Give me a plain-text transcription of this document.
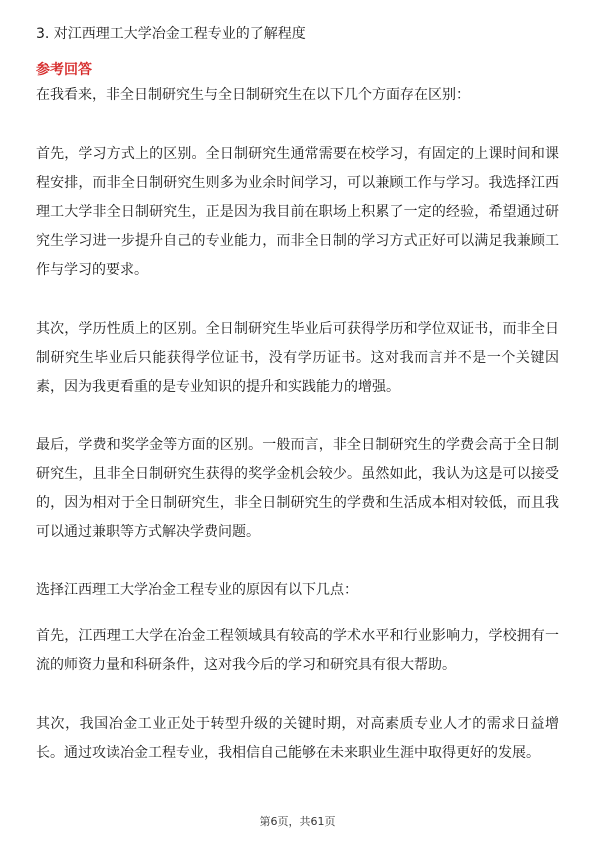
3. 对江西理工大学冶金工程专业的了解程度
参考回答

在我看来，非全日制研究生与全日制研究生在以下几个方面存在区别：

首先，学习方式上的区别。全日制研究生通常需要在校学习，有固定的上课时间和课程安排，而非全日制研究生则多为业余时间学习，可以兼顾工作与学习。我选择江西理工大学非全日制研究生，正是因为我目前在职场上积累了一定的经验，希望通过研究生学习进一步提升自己的专业能力，而非全日制的学习方式正好可以满足我兼顾工作与学习的要求。

其次，学历性质上的区别。全日制研究生毕业后可获得学历和学位双证书，而非全日制研究生毕业后只能获得学位证书，没有学历证书。这对我而言并不是一个关键因素，因为我更看重的是专业知识的提升和实践能力的增强。

最后，学费和奖学金等方面的区别。一般而言，非全日制研究生的学费会高于全日制研究生，且非全日制研究生获得的奖学金机会较少。虽然如此，我认为这是可以接受的，因为相对于全日制研究生，非全日制研究生的学费和生活成本相对较低，而且我可以通过兼职等方式解决学费问题。

选择江西理工大学冶金工程专业的原因有以下几点：

首先，江西理工大学在冶金工程领域具有较高的学术水平和行业影响力，学校拥有一流的师资力量和科研条件，这对我今后的学习和研究具有很大帮助。

其次，我国冶金工业正处于转型升级的关键时期，对高素质专业人才的需求日益增长。通过攻读冶金工程专业，我相信自己能够在未来职业生涯中取得更好的发展。

第6页，共61页
